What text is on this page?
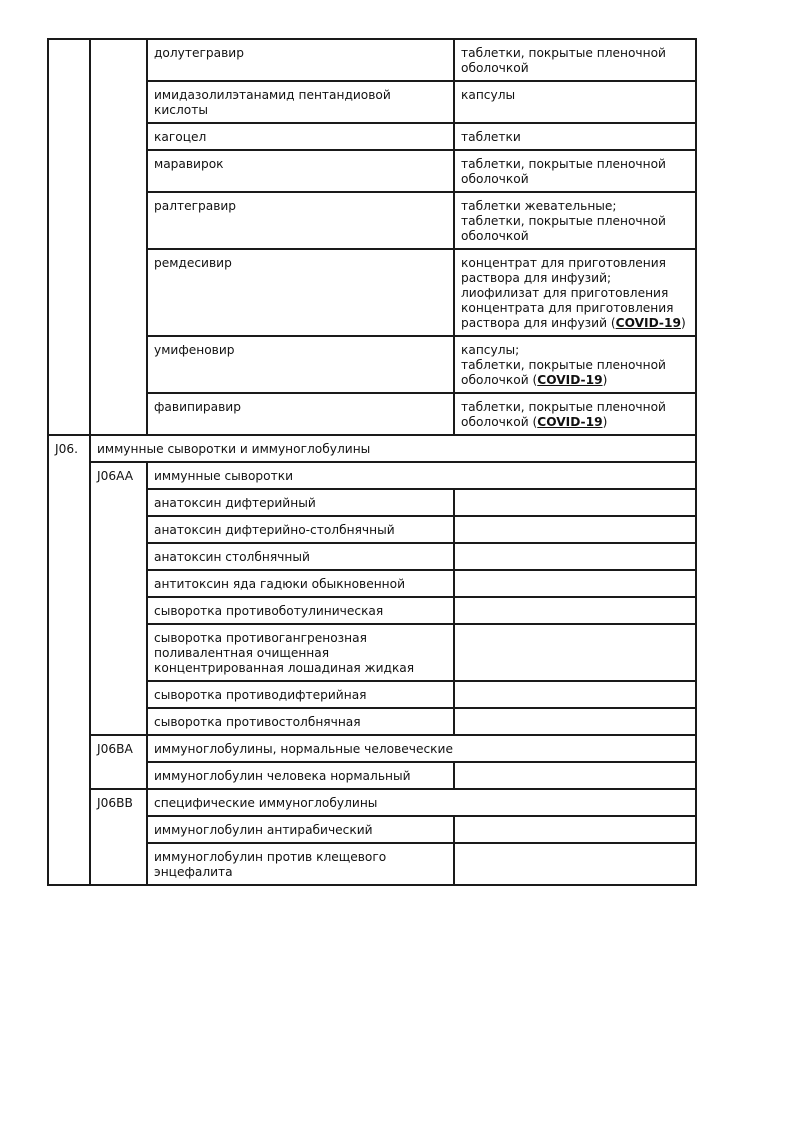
		долутегравир	таблетки, покрытые пленочной оболочкой
		имидазолилэтанамид пентандиовой кислоты	капсулы
		кагоцел	таблетки
		маравирок	таблетки, покрытые пленочной оболочкой
		ралтегравир	таблетки жевательные;
таблетки, покрытые пленочной оболочкой
		ремдесивир	концентрат для приготовления раствора для инфузий;
лиофилизат для приготовления концентрата для приготовления раствора для инфузий (COVID-19)
		умифеновир	капсулы;
таблетки, покрытые пленочной оболочкой (COVID-19)
		фавипиравир	таблетки, покрытые пленочной оболочкой (COVID-19)
J06.	иммунные сыворотки и иммуноглобулины		
	J06AA	иммунные сыворотки	
		анатоксин дифтерийный	
		анатоксин дифтерийно-столбнячный	
		анатоксин столбнячный	
		антитоксин яда гадюки обыкновенной	
		сыворотка противоботулиническая	
		сыворотка противогангренозная поливалентная очищенная концентрированная лошадиная жидкая	
		сыворотка противодифтерийная	
		сыворотка противостолбнячная	
	J06BA	иммуноглобулины, нормальные человеческие	
		иммуноглобулин человека нормальный	
	J06BB	специфические иммуноглобулины	
		иммуноглобулин антирабический	
		иммуноглобулин против клещевого энцефалита	
